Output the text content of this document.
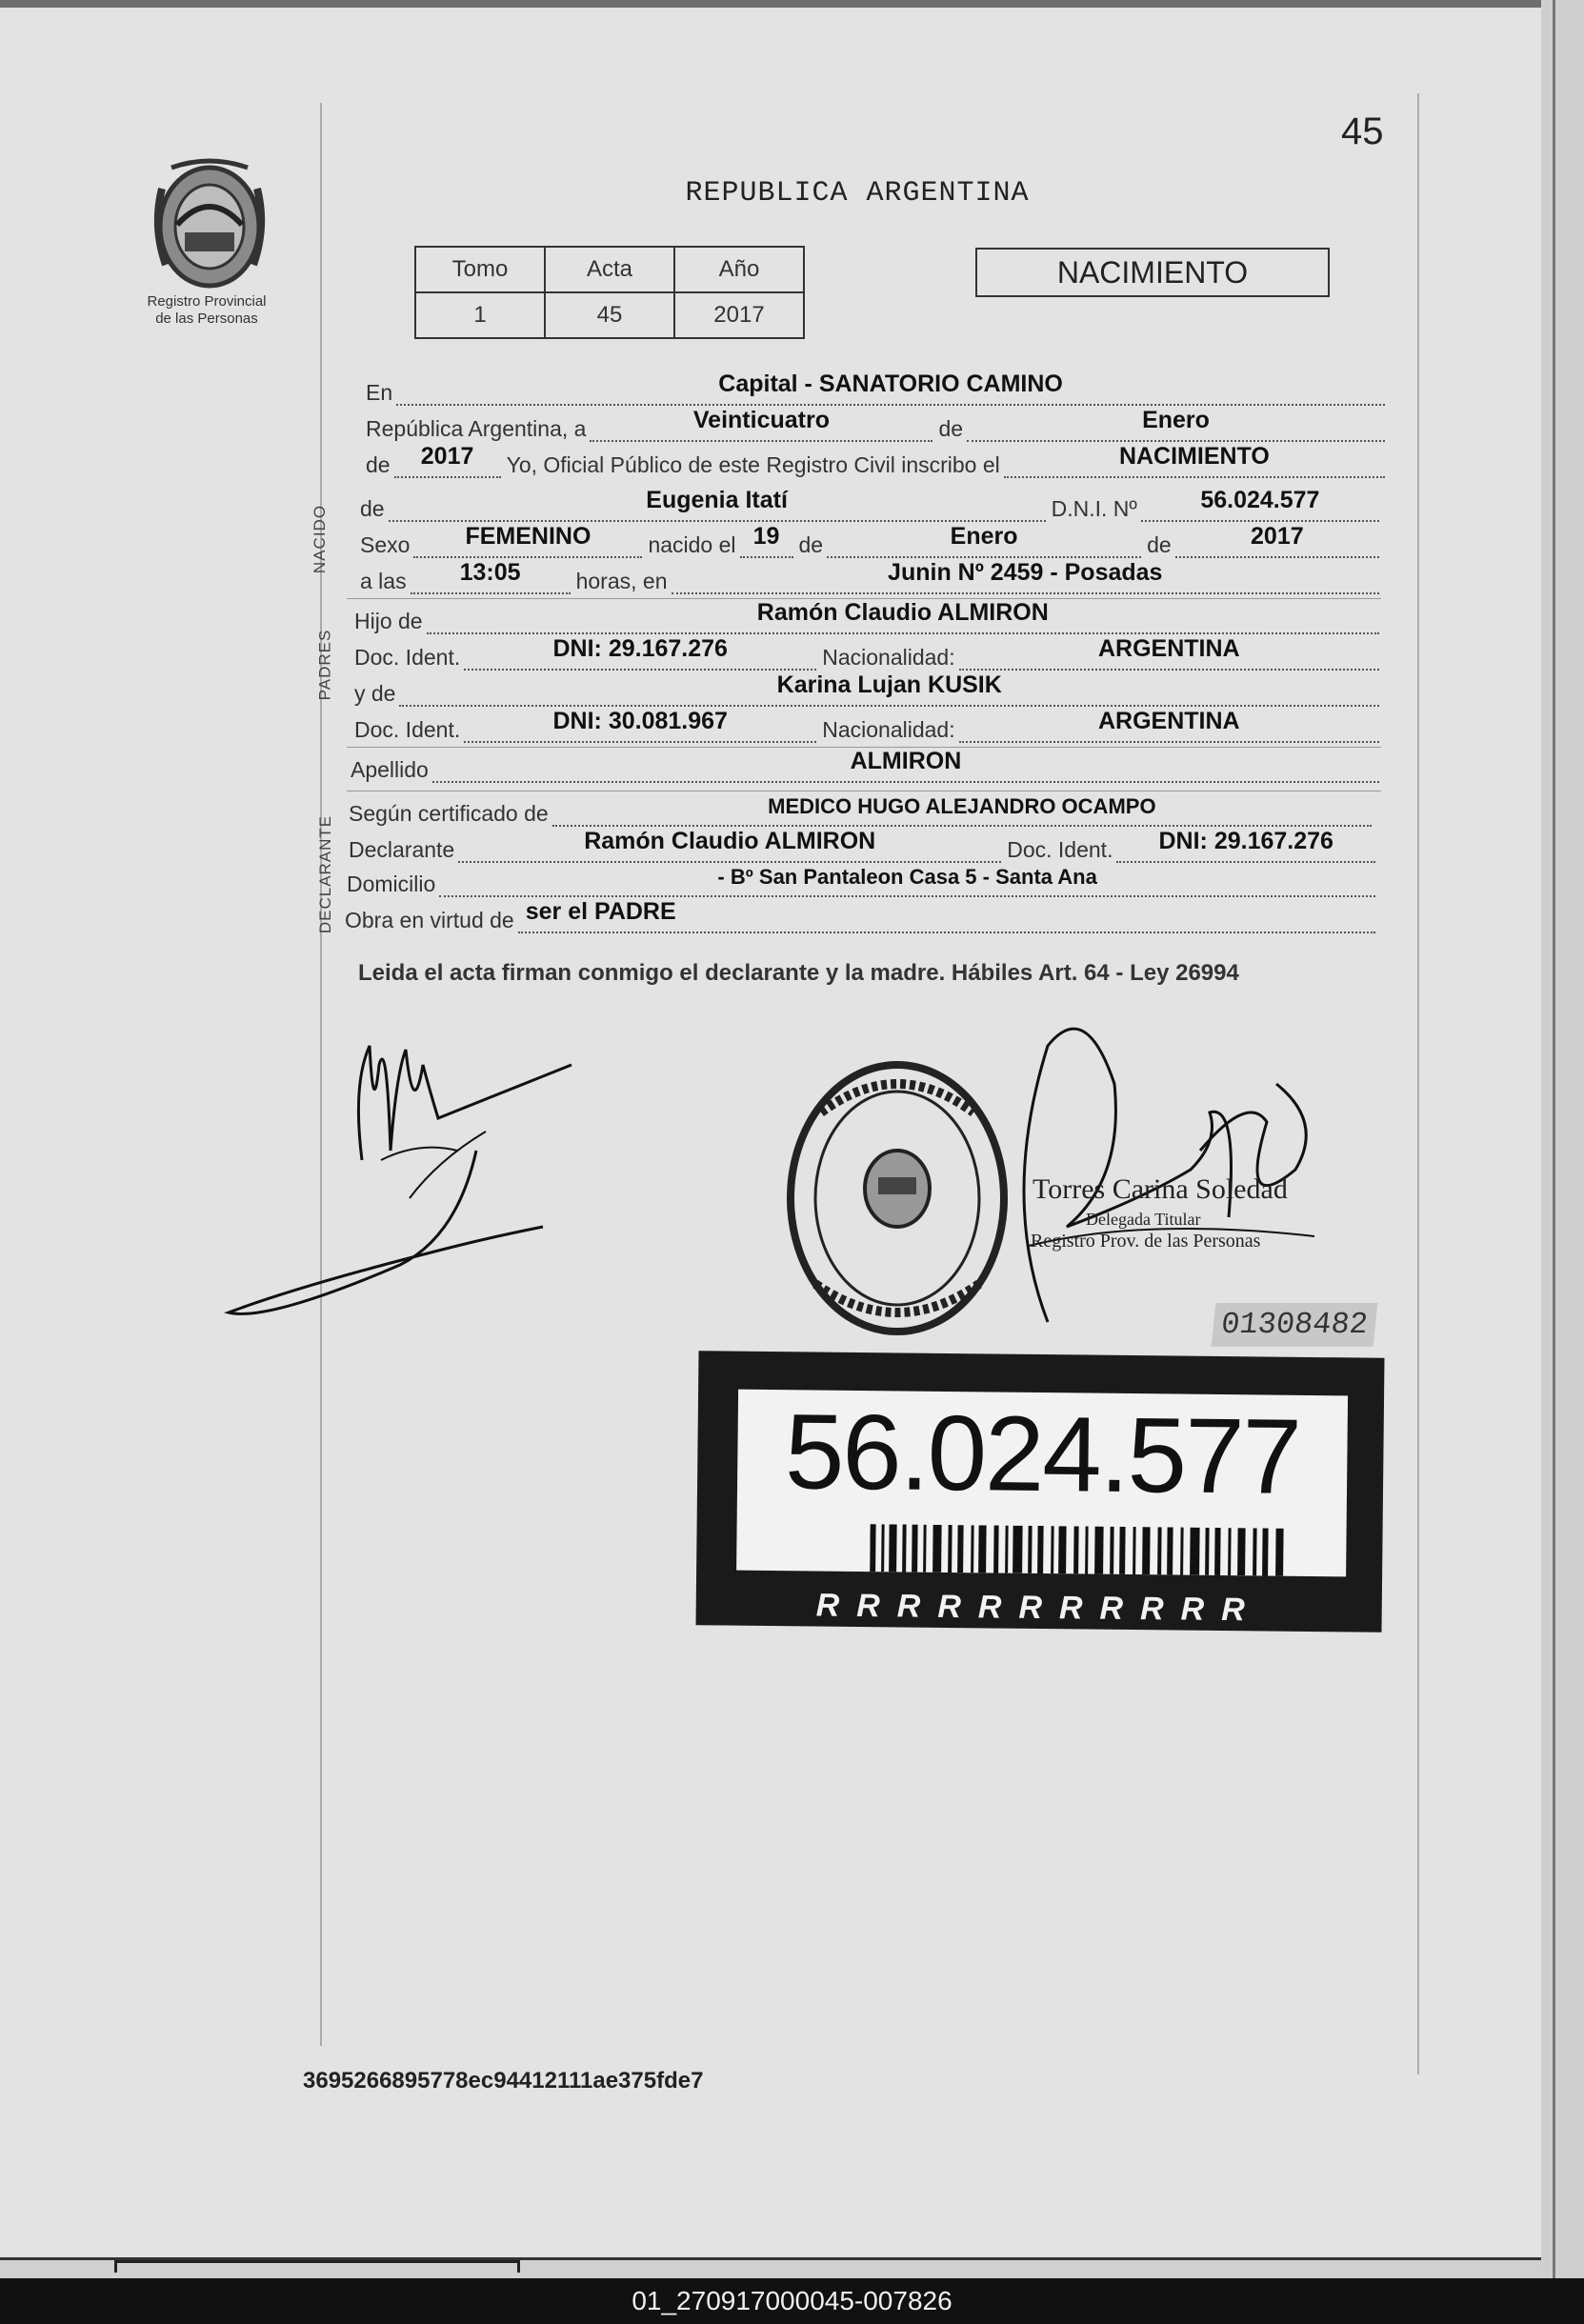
45
Registro Provincial
de las Personas
REPUBLICA ARGENTINA
Tomo	Acta	Año
1	45	2017
NACIMIENTO
En	Capital - SANATORIO CAMINO
República Argentina, a	Veinticuatro	de	Enero
de 2017 Yo, Oficial Público de este Registro Civil inscribo el	NACIMIENTO
NACIDO de	Eugenia Itatí	D.N.I. Nº	56.024.577
Sexo FEMENINO	nacido el 19 de	Enero	de	2017
a las 13:05	horas, en	Junin Nº 2459 - Posadas
PADRES
Hijo de	Ramón Claudio ALMIRON
Doc. Ident.	DNI: 29.167.276	Nacionalidad:	ARGENTINA
y de	Karina Lujan KUSIK
Doc. Ident.	DNI: 30.081.967	Nacionalidad:	ARGENTINA
Apellido	ALMIRON
DECLARANTE
Según certificado de	MEDICO HUGO ALEJANDRO OCAMPO
Declarante	Ramón Claudio ALMIRON	Doc. Ident. DNI: 29.167.276
Domicilio	- Bº San Pantaleon Casa 5 - Santa Ana
Obra en virtud de ser el PADRE
Leida el acta firman conmigo el declarante y la madre. Hábiles Art. 64 - Ley 26994
Torres Carina Soledad
Delegada Titular
Registro Prov. de las Personas
01308482
56.024.577
RRRRRRRRRRR
3695266895778ec94412111ae375fde7
01_270917000045-007826
